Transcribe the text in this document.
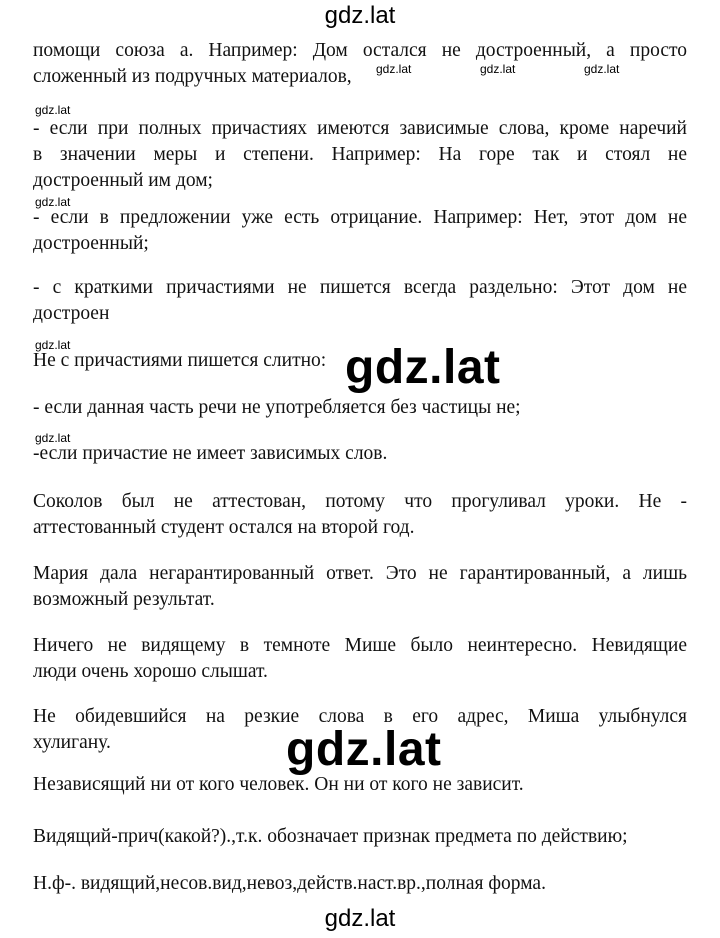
gdz.lat
gdz.lat	gdz.lat	gdz.lat
gdz.lat
gdz.lat
gdz.lat
gdz.lat
помощи союза а. Например: Дом остался не достроенный, а просто
сложенный из подручных материалов,
- если при полных причастиях имеются зависимые слова, кроме наречий
в значении меры и степени. Например: На горе так и стоял не
достроенный им дом;
- если в предложении уже есть отрицание. Например: Нет, этот дом не
достроенный;
- с краткими причастиями не пишется всегда раздельно: Этот дом не
достроен
Не с причастиями пишется слитно:
- если данная часть речи не употребляется без частицы не;
-если причастие не имеет зависимых слов.
Соколов был не аттестован, потому что прогуливал уроки. Не -
аттестованный студент остался на второй год.
Мария дала негарантированный ответ. Это не гарантированный, а лишь
возможный результат.
Ничего не видящему в темноте Мише было неинтересно. Невидящие
люди очень хорошо слышат.
Не обидевшийся на резкие слова в его адрес, Миша улыбнулся
хулигану.
Независящий ни от кого человек. Он ни от кого не зависит.
Видящий-прич(какой?).,т.к. обозначает признак предмета по действию;
Н.ф-. видящий,несов.вид,невоз,действ.наст.вр.,полная форма.
gdz.lat
gdz.lat
gdz.lat
